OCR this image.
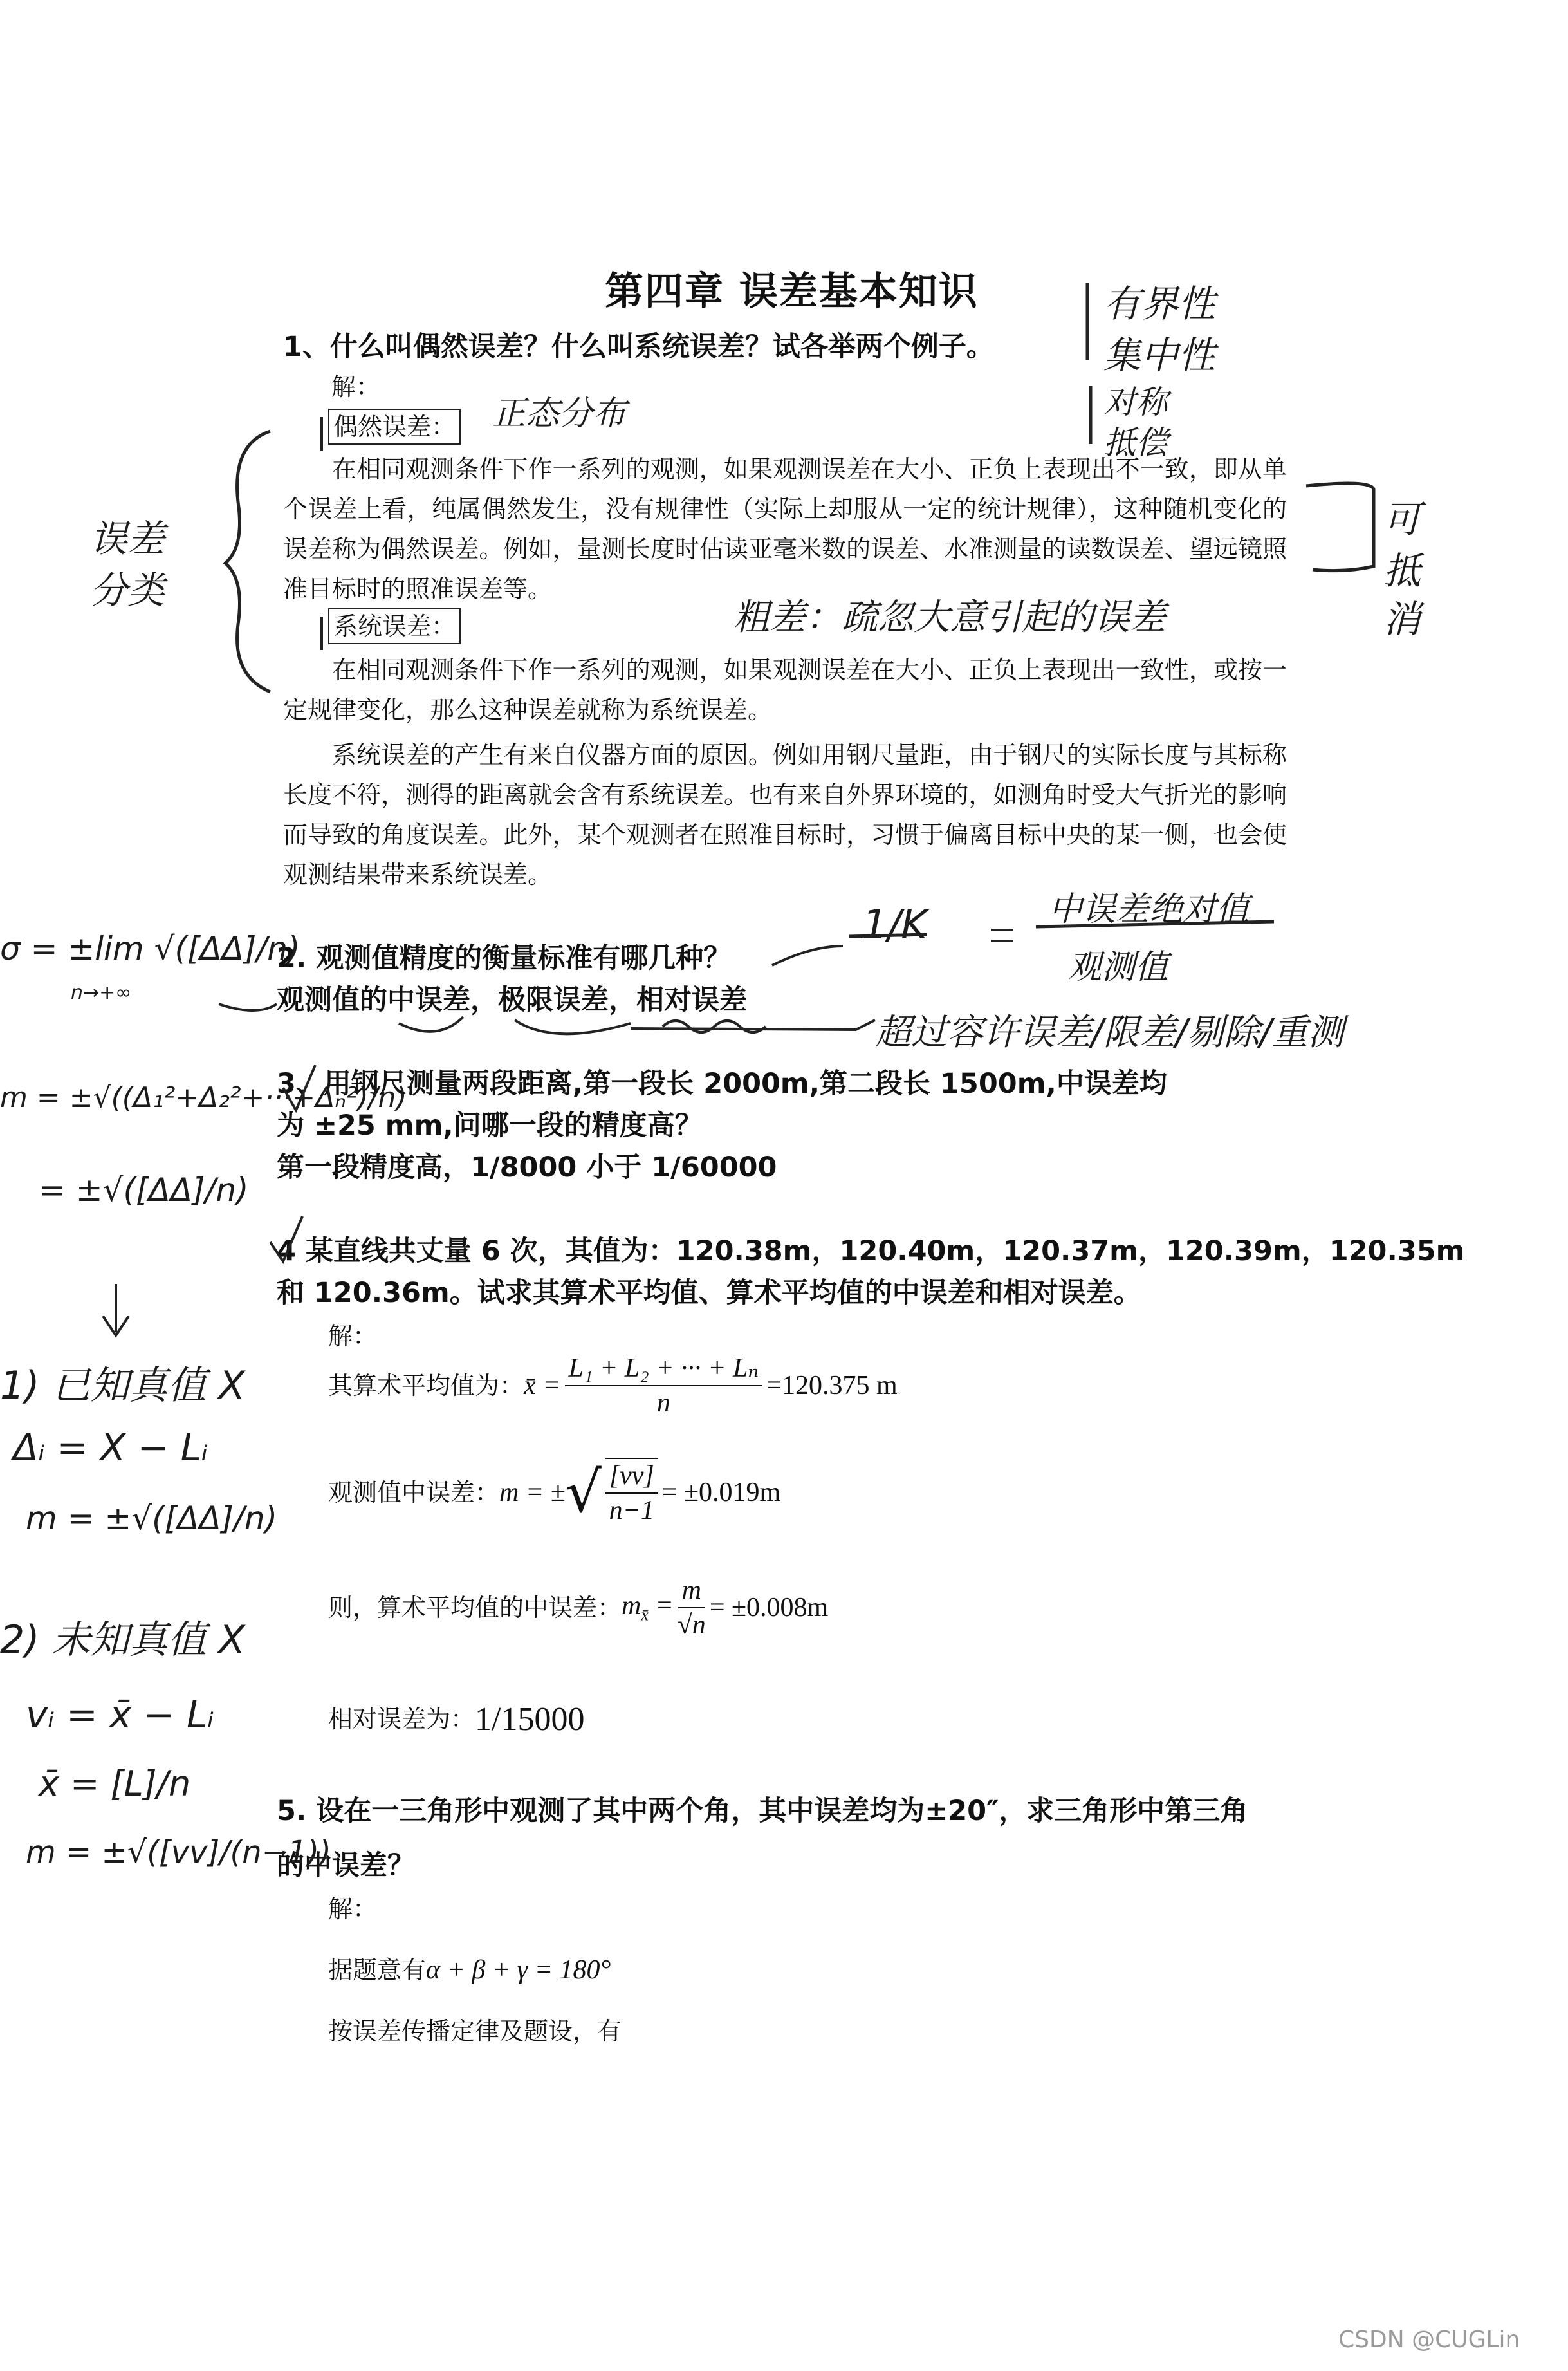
第四章 误差基本知识
1、什么叫偶然误差？什么叫系统误差？试各举两个例子。
解：
偶然误差：
在相同观测条件下作一系列的观测，如果观测误差在大小、正负上表现出不一致，即从单个误差上看，纯属偶然发生，没有规律性（实际上却服从一定的统计规律），这种随机变化的误差称为偶然误差。例如，量测长度时估读亚毫米数的误差、水准测量的读数误差、望远镜照准目标时的照准误差等。
系统误差：
在相同观测条件下作一系列的观测，如果观测误差在大小、正负上表现出一致性，或按一定规律变化，那么这种误差就称为系统误差。
系统误差的产生有来自仪器方面的原因。例如用钢尺量距，由于钢尺的实际长度与其标称长度不符，测得的距离就会含有系统误差。也有来自外界环境的，如测角时受大气折光的影响而导致的角度误差。此外，某个观测者在照准目标时，习惯于偏离目标中央的某一侧，也会使观测结果带来系统误差。
2. 观测值精度的衡量标准有哪几种？
观测值的中误差，极限误差，相对误差
3、用钢尺测量两段距离,第一段长 2000m,第二段长 1500m,中误差均
为 ±25 mm,问哪一段的精度高？
第一段精度高，1/8000 小于 1/60000
4 某直线共丈量 6 次，其值为：120.38m，120.40m，120.37m，120.39m，120.35m
和 120.36m。试求其算术平均值、算术平均值的中误差和相对误差。
解：
其算术平均值为： x̄ = $\frac{\text{L₁ + L₂ + ··· + Lₙ}}{n} =120.375$ m
观测值中误差： m = ± √ $\frac{[vv]}{n-1} = \pm 0.019m$
则，算术平均值的中误差： $m_{x̄} = \frac{m}{√n} = \pm 0.008m$
相对误差为： 1/15000
5. 设在一三角形中观测了其中两个角，其中误差均为±20″，求三角形中第三角
的中误差？
解：
据题意有 α + β + γ = 180°
按误差传播定律及题设，有
有界性
集中性
对称
抵偿
正态分布
误差
分类
可
抵
消
粗差：疏忽大意引起的误差
1/K	中误差绝对值
观测值
超过容许误差/限差/剔除/重测
σ = ±lim √([ΔΔ]/n)
n→+∞
m = ±√((Δ₁²+Δ₂²+···+Δₙ²)/n)
= ±√([ΔΔ]/n)
1) 已知真值 X
Δᵢ = X − Lᵢ
m = ±√([ΔΔ]/n)
2) 未知真值 X
vᵢ = x̄ − Lᵢ
x̄ = [L]/n
m = ±√([vv]/(n−1))
CSDN @CUGLin
